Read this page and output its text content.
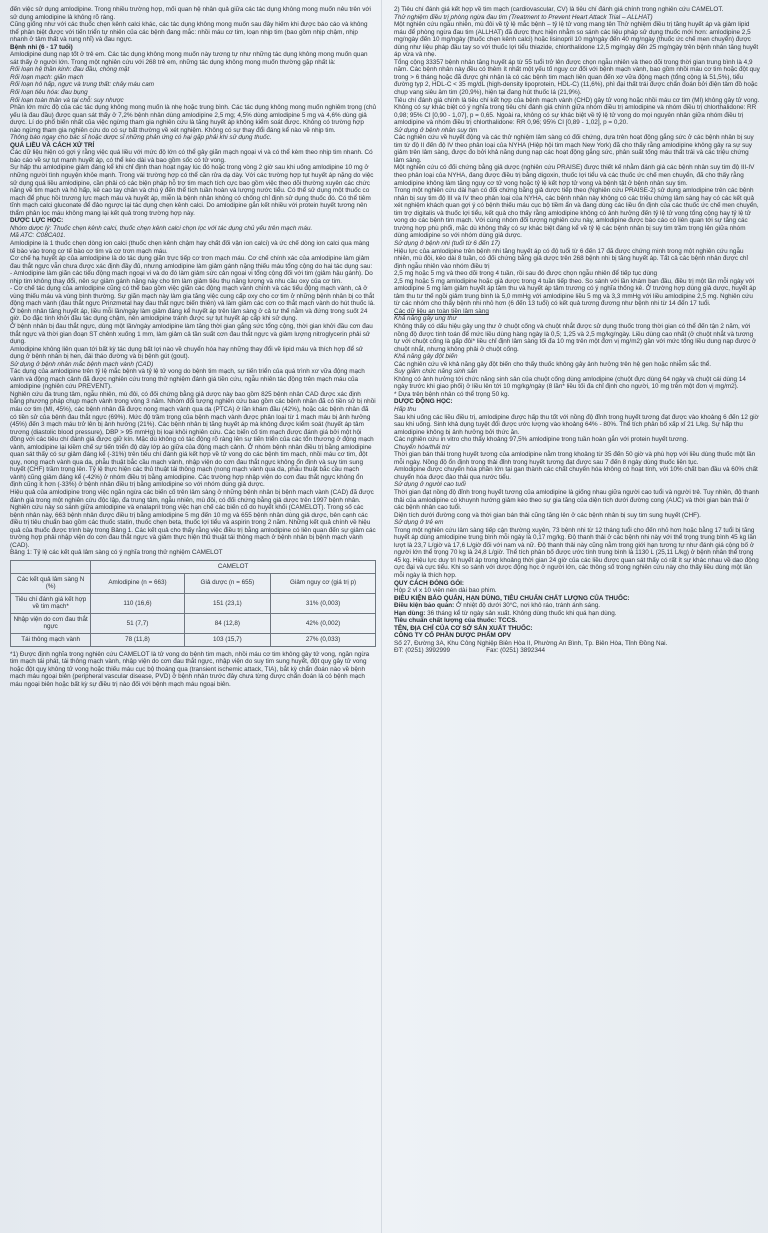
đến việc sử dụng amlodipine. Trong nhiều trường hợp, mối quan hệ nhân quả giữa các tác dụng không mong muốn nêu trên với sử dụng amlodipine là không rõ ràng.

Cũng giống như với các thuốc chẹn kênh calci khác, các tác dụng không mong muốn sau đây hiếm khi được báo cáo và không thể phân biệt được với tiến triển tự nhiên của các bệnh đang mắc: nhồi máu cơ tim, loạn nhịp tim (bao gồm nhịp chậm, nhịp nhanh ở tâm thất và rung nhĩ) và đau ngực.

Bệnh nhi (6 - 17 tuổi)

Amlodipine dung nạp tốt ở trẻ em. Các tác dụng không mong muốn này tương tự như những tác dụng không mong muốn quan sát thấy ở người lớn. Trong một nghiên cứu với 268 trẻ em, những tác dụng không mong muốn thường gặp nhất là:

Rối loạn hệ thần kinh: đau đầu, chóng mặt

Rối loạn mạch: giãn mạch

Rối loạn hô hấp, ngực và trung thất: chảy máu cam

Rối loạn tiêu hóa: đau bụng

Rối loạn toàn thân và tại chỗ: suy nhược

Phần lớn mức độ của các tác dụng không mong muốn là nhẹ hoặc trung bình. Các tác dụng không mong muốn nghiêm trọng (chủ yếu là đau đầu) được quan sát thấy ở 7,2% bệnh nhân dùng amlodipine 2,5 mg; 4,5% dùng amlodipine 5 mg và 4,6% dùng giả dược. Lí do phổ biến nhất của việc ngừng tham gia nghiên cứu là tăng huyết áp không kiểm soát được. Không có trường hợp nào ngừng tham gia nghiên cứu do có sự bất thường về xét nghiệm. Không có sự thay đổi đáng kể nào về nhịp tim.

Thông báo ngay cho bác sĩ hoặc dược sĩ những phản ứng có hại gặp phải khi sử dụng thuốc.

QUÁ LIỀU VÀ CÁCH XỬ TRÍ

Các dữ liệu hiện có gợi ý rằng việc quá liều với mức độ lớn có thể gây giãn mạch ngoại vi và có thể kèm theo nhịp tim nhanh. Có báo cáo về sự tụt mạnh huyết áp, có thể kéo dài và bao gồm sốc có tử vong.

Sự hấp thu amlodipine giảm đáng kể khi chỉ định than hoạt ngay lúc đó hoặc trong vòng 2 giờ sau khi uống amlodipine 10 mg ở những người tình nguyện khỏe mạnh. Trong vài trường hợp có thể cần rửa dạ dày. Với các trường hợp tụt huyết áp nặng do việc sử dụng quá liều amlodipine, cần phải có các biện pháp hỗ trợ tim mạch tích cực bao gồm việc theo dõi thường xuyên các chức năng về tim mạch và hô hấp, kê cao tay chân và chú ý đến thể tích tuần hoàn và lượng nước tiểu. Có thể sử dụng một thuốc co mạch để phục hồi trương lực mạch máu và huyết áp, miễn là bệnh nhân không có chống chỉ định sử dụng thuốc đó. Có thể tiêm tĩnh mạch calci gluconate để đảo ngược lại tác dụng chẹn kênh calci. Do amlodipine gắn kết nhiều với protein huyết tương nên thẩm phân lọc máu không mang lại kết quả trong trường hợp này.

DƯỢC LỰC HỌC:

Nhóm dược lý: Thuốc chẹn kênh calci, thuốc chẹn kênh calci chọn lọc với tác dụng chủ yếu trên mạch máu.

Mã ATC: C08CA01.

Amlodipine là 1 thuốc chẹn dòng ion calci (thuốc chẹn kênh chậm hay chất đối vận ion calci) và ức chế dòng ion calci qua màng tế bào vào trong cơ tế bào cơ tim và cơ trơn mạch máu.

Cơ chế hạ huyết áp của amlodipine là do tác dụng giãn trực tiếp cơ trơn mạch máu. Cơ chế chính xác của amlodipine làm giảm đau thắt ngực vẫn chưa được xác định đầy đủ, nhưng amlodipine làm giảm gánh nặng thiếu máu tổng cộng do hai tác dụng sau:

- Amlodipine làm giãn các tiểu động mạch ngoại vi và do đó làm giảm sức cản ngoại vi tổng cộng đối với tim (giảm hậu gánh). Do nhịp tim không thay đổi, nên sự giảm gánh nặng này cho tim làm giảm tiêu thụ năng lượng và nhu cầu oxy của cơ tim.

- Cơ chế tác dụng của amlodipine cũng có thể bao gồm việc giãn các động mạch vành chính và các tiểu động mạch vành, cả ở vùng thiếu máu và vùng bình thường. Sự giãn mạch này làm gia tăng việc cung cấp oxy cho cơ tim ở những bệnh nhân bị co thắt động mạch vành (đau thắt ngực Prinzmetal hay đau thắt ngực biến thiên) và làm giảm các cơn co thắt mạch vành do hút thuốc lá.

Ở bệnh nhân tăng huyết áp, liều mỗi lần/ngày làm giảm đáng kể huyết áp trên lâm sàng ở cả tư thế nằm và đứng trong suốt 24 giờ. Do đặc tính khởi đầu tác dụng chậm, nên amlodipine tránh được sự tụt huyết áp cấp khi sử dụng.

Ở bệnh nhân bị đau thắt ngực, dùng một lần/ngày amlodipine làm tăng thời gian gắng sức tổng cộng, thời gian khởi đầu cơn đau thắt ngực và thời gian đoạn ST chênh xuống 1 mm, làm giảm cả tần suất cơn đau thắt ngực và giảm lượng nitroglycerin phải sử dụng.

Amlodipine không liên quan tới bất kỳ tác dụng bất lợi nào về chuyển hóa hay những thay đổi về lipid máu và thích hợp để sử dụng ở bệnh nhân bị hen, đái tháo đường và bị bệnh gút (gout).

Sử dụng ở bệnh nhân mắc bệnh mạch vành (CAD)

Tác dụng của amlodipine trên tỷ lệ mắc bệnh và tỷ lệ tử vong do bệnh tim mạch, sự tiến triển của quá trình xơ vữa động mạch vành và động mạch cảnh đã được nghiên cứu trong thử nghiệm đánh giá tiền cứu, ngẫu nhiên tác động trên mạch máu của amlodipine (nghiên cứu PREVENT).

Nghiên cứu đa trung tâm, ngẫu nhiên, mù đôi, có đối chứng bằng giả dược này bao gồm 825 bệnh nhân CAD được xác định bằng phương pháp chụp mạch vành trong vòng 3 năm. Nhóm đối tượng nghiên cứu bao gồm các bệnh nhân đã có tiền sử bị nhồi máu cơ tim (MI, 45%), các bệnh nhân đã được nong mạch vành qua da (PTCA) ở lần khám đầu (42%), hoặc các bệnh nhân đã có tiền sử của bệnh đau thắt ngực (69%). Mức độ trầm trọng của bệnh mạch vành được phân loại từ 1 mạch máu bị ảnh hưởng (45%) đến 3 mạch máu trở lên bị ảnh hưởng (21%). Các bệnh nhân bị tăng huyết áp mà không được kiểm soát (huyết áp tâm trương (diastolic blood pressure), DBP > 95 mmHg) bị loại khỏi nghiên cứu. Các biến cố tim mạch được đánh giá bởi một hội đồng với các tiêu chí đánh giá được giữ kín. Mặc dù không có tác động rõ ràng lên sự tiến triển của các tổn thương ở động mạch vành, amlodipine lại kiềm chế sự tiến triển độ dày lớp áo giữa của động mạch cảnh. Ở nhóm bệnh nhân điều trị bằng amlodipine quan sát thấy có sự giảm đáng kể (-31%) trên tiêu chí đánh giá kết hợp về tử vong do các bệnh tim mạch, nhồi máu cơ tim, đột quỵ, nong mạch vành qua da, phẫu thuật bắc cầu mạch vành, nhập viện do cơn đau thắt ngực không ổn định và suy tim sung huyết (CHF) trầm trọng lên. Tỷ lệ thực hiện các thủ thuật tái thông mạch (nong mạch vành qua da, phẫu thuật bắc cầu mạch vành) cũng giảm đáng kể (-42%) ở nhóm điều trị bằng amlodipine. Các trường hợp nhập viện do cơn đau thắt ngực không ổn định cũng ít hơn (-33%) ở bệnh nhân điều trị bằng amlodipine so với nhóm dùng giả dược.

Hiệu quả của amlodipine trong việc ngăn ngừa các biến cố trên lâm sàng ở những bệnh nhân bị bệnh mạch vành (CAD) đã được đánh giá trong một nghiên cứu độc lập, đa trung tâm, ngẫu nhiên, mù đôi, có đối chứng bằng giả dược trên 1997 bệnh nhân. Nghiên cứu này so sánh giữa amlodipine và enalapril trong việc hạn chế các biến cố do huyết khối (CAMELOT). Trong số các bệnh nhân này, 663 bệnh nhân được điều trị bằng amlodipine 5 mg đến 10 mg và 655 bệnh nhân dùng giả dược, bên cạnh các điều trị tiêu chuẩn bao gồm các thuốc statin, thuốc chẹn beta, thuốc lợi tiểu và aspirin trong 2 năm. Những kết quả chính về hiệu quả của thuốc được trình bày trong Bảng 1. Các kết quả cho thấy rằng việc điều trị bằng amlodipine có liên quan đến sự giảm các trường hợp phải nhập viện do cơn đau thắt ngực và giảm thực hiện thủ thuật tái thông mạch ở bệnh nhân bị bệnh mạch vành (CAD).

Bảng 1: Tỷ lệ các kết quả lâm sàng có ý nghĩa trong thử nghiệm CAMELOT

	CAMELOT		
Các kết quả lâm sàng N (%)	Amlodipine (n = 663)	Giả dược (n = 655)	Giảm nguy cơ (giá trị p)
Tiêu chí đánh giá kết hợp về tim mạch*	110 (16,6)	151 (23,1)	31% (0,003)
Nhập viện do cơn đau thắt ngực	51 (7,7)	84 (12,8)	42% (0,002)
Tái thông mạch vành	78 (11,8)	103 (15,7)	27% (0,033)

*1) Được định nghĩa trong nghiên cứu CAMELOT là tử vong do bệnh tim mạch, nhồi máu cơ tim không gây tử vong, ngăn ngừa tim mạch tái phát, tái thông mạch vành, nhập viện do cơn đau thắt ngực, nhập viện do suy tim sung huyết, đột quỵ gây tử vong hoặc đột quỵ không tử vong hoặc thiếu máu cục bộ thoáng qua (transient ischemic attack, TIA), bắt kỳ chẩn đoán nào về bệnh mạch máu ngoại biên (peripheral vascular disease, PVD) ở bệnh nhân trước đây chưa từng được chẩn đoán là có bệnh mạch máu ngoại biên hoặc bất kỳ sự điều trị nào đối với bệnh mạch máu ngoại biên.

2) Tiêu chí đánh giá kết hợp về tim mạch (cardiovascular, CV) là tiêu chí đánh giá chính trong nghiên cứu CAMELOT.

Thử nghiệm điều trị phòng ngừa đau tim (Treatment to Prevent Heart Attack Trial – ALLHAT)

Một nghiên cứu ngẫu nhiên, mù đôi về tỷ lệ mắc bệnh – tỷ lệ tử vong mang tên Thử nghiệm điều trị tăng huyết áp và giảm lipid máu để phòng ngừa đau tim (ALLHAT) đã được thực hiện nhằm so sánh các liệu pháp sử dụng thuốc mới hơn: amlodipine 2,5 mg/ngày đến 10 mg/ngày (thuốc chẹn kênh calci) hoặc lisinopril 10 mg/ngày đến 40 mg/ngày (thuốc ức chế men chuyển) được dùng như liệu pháp đầu tay so với thuốc lợi tiểu thiazide, chlorthalidone 12,5 mg/ngày đến 25 mg/ngày trên bệnh nhân tăng huyết áp vừa và nhẹ.

Tổng cộng 33357 bệnh nhân tăng huyết áp từ 55 tuổi trở lên được chọn ngẫu nhiên và theo dõi trong thời gian trung bình là 4,9 năm. Các bệnh nhân này đều có thêm ít nhất một yếu tố nguy cơ đối với bệnh mạch vành, bao gồm nhồi máu cơ tim hoặc đột quỵ trong > 6 tháng hoặc đã được ghi nhận là có các bệnh tim mạch liên quan đến xơ vữa động mạch (tổng cộng là 51,5%), tiểu đường typ 2, HDL-C < 35 mg/dL (high-density lipoprotein, HDL-C) (11,6%), phì đại thất trái được chẩn đoán bởi điện tâm đồ hoặc chụp vang siêu âm tim (20,9%), hiện tại đang hút thuốc lá (21,9%).

Tiêu chí đánh giá chính là tiêu chí kết hợp của bệnh mạch vành (CHD) gây tử vong hoặc nhồi máu cơ tim (MI) không gây tử vong. Không có sự khác biệt có ý nghĩa trong tiêu chí đánh giá chính giữa nhóm điều trị amlodipine và nhóm điều trị chlorthalidone: RR 0,98; 95% CI [0,90 - 1,07], p = 0,65. Ngoài ra, không có sự khác biệt về tỷ lệ tử vong do mọi nguyên nhân giữa nhóm điều trị amlodipine và nhóm điều trị chlorthalidone: RR 0,96; 95% CI [0,89 - 1,02], p = 0,20.

Sử dụng ở bệnh nhân suy tim

Các nghiên cứu về huyết động và các thử nghiệm lâm sàng có đối chứng, dựa trên hoạt động gắng sức ở các bệnh nhân bị suy tim từ độ II đến độ IV theo phân loại của NYHA (Hiệp hội tim mạch New York) đã cho thấy rằng amlodipine không gây ra sự suy giảm trên lâm sàng, được đo bởi khả năng dung nạp các hoạt động gắng sức, phân suất tống máu thất trái và các triệu chứng lâm sàng.

Một nghiên cứu có đối chứng bằng giả dược (nghiên cứu PRAISE) được thiết kế nhằm đánh giá các bệnh nhân suy tim độ III-IV theo phân loại của NYHA, đang được điều trị bằng digoxin, thuốc lợi tiểu và các thuốc ức chế men chuyển, đã cho thấy rằng amlodipine không làm tăng nguy cơ tử vong hoặc tỷ lệ kết hợp tử vong và bệnh tật ở bệnh nhân suy tim.

Trong một nghiên cứu dài hạn có đối chứng bằng giả dược tiếp theo (Nghiên cứu PRAISE-2) sử dụng amlodipine trên các bệnh nhân bị suy tim độ III và IV theo phân loại của NYHA, các bệnh nhân này không có các triệu chứng lâm sàng hay có các kết quả xét nghiệm khách quan gợi ý có bệnh thiếu máu cục bộ tiềm ẩn và đang dùng các liều ổn định của các thuốc ức chế men chuyển, tim trợ digitalis và thuốc lợi tiểu, kết quả cho thấy rằng amlodipine không có ảnh hưởng đến tỷ lệ tử vong tổng cộng hay tỷ lệ tử vong do các bệnh tim mạch. Với cùng nhóm đối tượng nghiên cứu này, amlodipine được báo cáo có liên quan tới sự tăng các trường hợp phù phổi, mặc dù không thấy có sự khác biệt đáng kể về tỷ lệ các bệnh nhân bị suy tim trầm trọng lên giữa nhóm dùng amlodipine so với nhóm dùng giả dược.

Sử dụng ở bệnh nhi (tuổi từ 6 đến 17)

Hiệu lực của amlodipine trên bệnh nhi tăng huyết áp có độ tuổi từ 6 đến 17 đã được chứng minh trong một nghiên cứu ngẫu nhiên, mù đôi, kéo dài 8 tuần, có đối chứng bằng giả dược trên 268 bệnh nhi bị tăng huyết áp. Tất cả các bệnh nhân được chỉ định ngẫu nhiên vào nhóm điều trị

2,5 mg hoặc 5 mg và theo dõi trong 4 tuần, rồi sau đó được chọn ngẫu nhiên để tiếp tục dùng

2,5 mg hoặc 5 mg amlodipine hoặc giả dược trong 4 tuần tiếp theo. So sánh với lần khám ban đầu, điều trị một lần mỗi ngày với amlodipine 5 mg làm giảm huyết áp tâm thu và huyết áp tâm trương có ý nghĩa thống kê. Ở trường hợp dùng giả dược, huyết áp tâm thu tư thế ngồi giảm trung bình là 5,0 mmHg với amlodipine liều 5 mg và 3,3 mmHg với liều amlodipine 2,5 mg. Nghiên cứu từ các nhóm cho thấy bệnh nhi nhỏ hơn (6 đến 13 tuổi) có kết quả tương đương như bệnh nhi từ 14 đến 17 tuổi.

Các dữ liệu an toàn tiền lâm sàng

Khả năng gây ung thư

Không thấy có dấu hiệu gây ung thư ở chuột cống và chuột nhắt được sử dụng thuốc trong thời gian có thể đến tận 2 năm, với nồng độ được tính toán để mức liều dùng hàng ngày là 0,5; 1,25 và 2,5 mg/kg/ngày. Liều dùng cao nhất (ở chuột nhắt và tương tự với chuột cống là gấp đôi* liều chỉ định lâm sàng tối đa 10 mg trên một đơn vị mg/m2) gần với mức tổng liều dung nạp được ở chuột nhắt, nhưng không phải ở chuột cống.

Khả năng gây đột biến

Các nghiên cứu về khả năng gây đột biến cho thấy thuốc không gây ảnh hưởng trên hệ gen hoặc nhiễm sắc thể.

Suy giảm chức năng sinh sản

Không có ảnh hưởng tới chức năng sinh sản của chuột cống dùng amlodipine (chuột đực dùng 64 ngày và chuột cái dùng 14 ngày trước khi giao phối) ở liều lên tới 10 mg/kg/ngày (8 lần* liều tối đa chỉ định cho người, 10 mg trên một đơn vị mg/m2).

* Dựa trên bệnh nhân có thể trọng 50 kg.

DƯỢC ĐỘNG HỌC:

Hấp thu

Sau khi uống các liều điều trị, amlodipine được hấp thu tốt với nồng độ đỉnh trong huyết tương đạt được vào khoảng 6 đến 12 giờ sau khi uống. Sinh khả dụng tuyệt đối được ước lượng vào khoảng 64% - 80%. Thể tích phân bố xấp xỉ 21 L/kg. Sự hấp thu amlodipine không bị ảnh hưởng bởi thức ăn.

Các nghiên cứu in vitro cho thấy khoảng 97,5% amlodipine trong tuần hoàn gắn với protein huyết tương.

Chuyển hóa/thải trừ

Thời gian bán thải trong huyết tương của amlodipine nằm trong khoảng từ 35 đến 50 giờ và phù hợp với liều dùng thuốc một lần mỗi ngày. Nồng độ ổn định trong thải đỉnh trong huyết tương đạt được sau 7 đến 8 ngày dùng thuốc liên tục.

Amlodipine được chuyển hóa phần lớn tại gan thành các chất chuyển hóa không có hoạt tính, với 10% chất ban đầu và 60% chất chuyển hóa được đào thải qua nước tiểu.

Sử dụng ở người cao tuổi

Thời gian đạt nồng độ đỉnh trong huyết tương của amlodipine là giống nhau giữa người cao tuổi và người trẻ. Tuy nhiên, độ thanh thải của amlodipine có khuynh hướng giảm kéo theo sự gia tăng của diện tích dưới đường cong (AUC) và thời gian bán thải ở các bệnh nhân cao tuổi.

Diện tích dưới đường cong và thời gian bán thải cũng tăng lên ở các bệnh nhân bị suy tim sung huyết (CHF).

Sử dụng ở trẻ em

Trong một nghiên cứu lâm sàng tiếp cận thường xuyên, 73 bệnh nhi từ 12 tháng tuổi cho đến nhỏ hơn hoặc bằng 17 tuổi bị tăng huyết áp dùng amlodipine trung bình mỗi ngày là 0,17 mg/kg. Độ thanh thải ở các bệnh nhi này với thể trọng trung bình 45 kg lần lượt là 23,7 L/giờ và 17,6 L/giờ đối với nam và nữ. Độ thanh thải này cũng nằm trong giới hạn tương tự như đánh giá cộng bố ở người lớn thể trọng 70 kg là 24,8 L/giờ. Thể tích phân bố được ước tính trung bình là 1130 L (25,11 L/kg) ở bệnh nhân thể trọng 45 kg. Hiệu lực duy trì huyết áp trong khoảng thời gian 24 giờ của các liều được quan sát thấy có rất ít sự khác nhau về dao động cực đại và cực tiểu. Khi so sánh với dược động học ở người lớn, các thông số trong nghiên cứu này cho thấy liều dùng một lần mỗi ngày là thích hợp.

QUY CÁCH ĐÓNG GÓI:

Hộp 2 vỉ x 10 viên nén dài bao phim.

ĐIỀU KIỆN BẢO QUẢN, HẠN DÙNG, TIÊU CHUẨN CHẤT LƯỢNG CỦA THUỐC:

Điều kiện bảo quản: Ở nhiệt độ dưới 30°C, nơi khô ráo, tránh ánh sáng.

Hạn dùng: 36 tháng kể từ ngày sản xuất. Không dùng thuốc khi quá hạn dùng.

Tiêu chuẩn chất lượng của thuốc: TCCS.

TÊN, ĐỊA CHỈ CỦA CƠ SỞ SẢN XUẤT THUỐC:

CÔNG TY CỔ PHẦN DƯỢC PHẨM OPV

Số 27, Đường 3A, Khu Công Nghiệp Biên Hòa II, Phường An Bình, Tp. Biên Hòa, Tỉnh Đồng Nai.

ĐT: (0251) 3992999	Fax: (0251) 3892344
